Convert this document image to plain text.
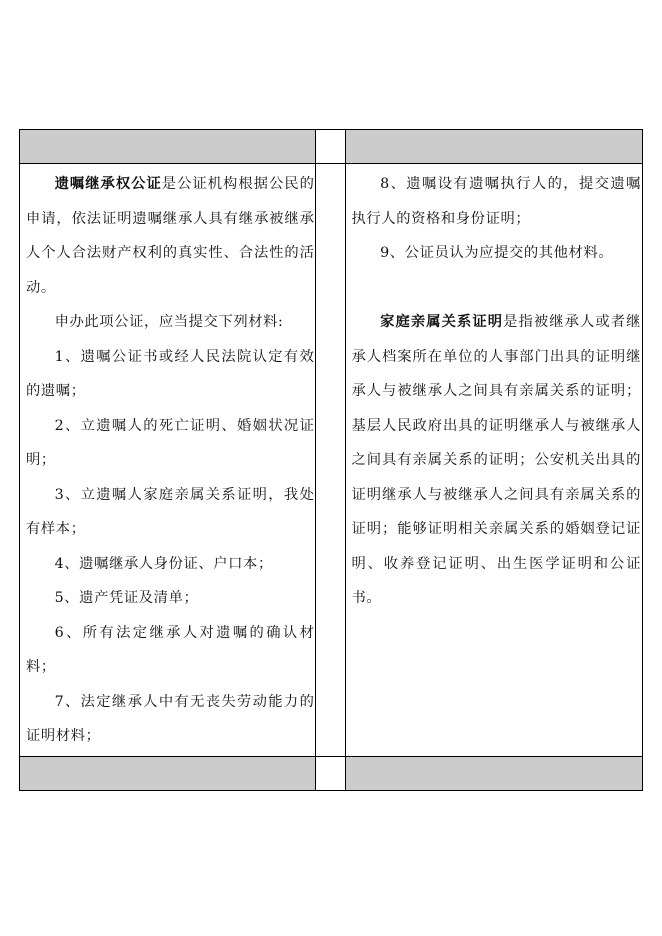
遗嘱继承权公证是公证机构根据公民的申请，依法证明遗嘱继承人具有继承被继承人个人合法财产权利的真实性、合法性的活动。

申办此项公证，应当提交下列材料:

1、遗嘱公证书或经人民法院认定有效的遗嘱；

2、立遗嘱人的死亡证明、婚姻状况证明；

3、立遗嘱人家庭亲属关系证明，我处有样本；

4、遗嘱继承人身份证、户口本；

5、遗产凭证及清单；

6、所有法定继承人对遗嘱的确认材料；

7、法定继承人中有无丧失劳动能力的证明材料；

8、遗嘱设有遗嘱执行人的，提交遗嘱执行人的资格和身份证明；

9、公证员认为应提交的其他材料。

家庭亲属关系证明是指被继承人或者继承人档案所在单位的人事部门出具的证明继承人与被继承人之间具有亲属关系的证明；基层人民政府出具的证明继承人与被继承人之间具有亲属关系的证明；公安机关出具的证明继承人与被继承人之间具有亲属关系的证明；能够证明相关亲属关系的婚姻登记证明、收养登记证明、出生医学证明和公证书。
